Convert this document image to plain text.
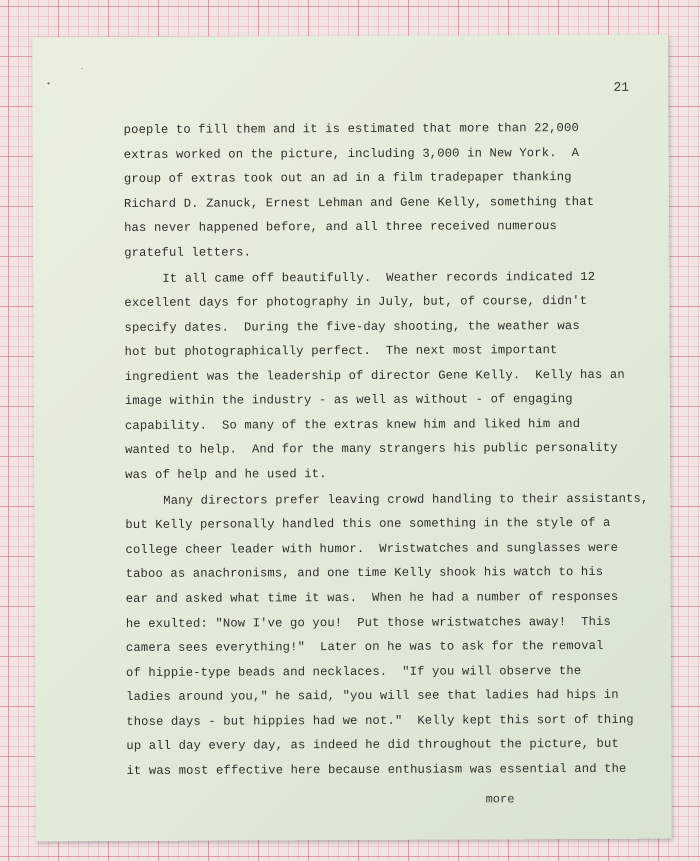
21
poeple to fill them and it is estimated that more than 22,000
extras worked on the picture, including 3,000 in New York.  A
group of extras took out an ad in a film tradepaper thanking
Richard D. Zanuck, Ernest Lehman and Gene Kelly, something that
has never happened before, and all three received numerous
grateful letters.
It all came off beautifully.  Weather records indicated 12
excellent days for photography in July, but, of course, didn't
specify dates.  During the five-day shooting, the weather was
hot but photographically perfect.  The next most important
ingredient was the leadership of director Gene Kelly.  Kelly has an
image within the industry - as well as without - of engaging
capability.  So many of the extras knew him and liked him and
wanted to help.  And for the many strangers his public personality
was of help and he used it.
Many directors prefer leaving crowd handling to their assistants,
but Kelly personally handled this one something in the style of a
college cheer leader with humor.  Wristwatches and sunglasses were
taboo as anachronisms, and one time Kelly shook his watch to his
ear and asked what time it was.  When he had a number of responses
he exulted: "Now I've go you!  Put those wristwatches away!  This
camera sees everything!"  Later on he was to ask for the removal
of hippie-type beads and necklaces.  "If you will observe the
ladies around you," he said, "you will see that ladies had hips in
those days - but hippies had we not."  Kelly kept this sort of thing
up all day every day, as indeed he did throughout the picture, but
it was most effective here because enthusiasm was essential and the
more
